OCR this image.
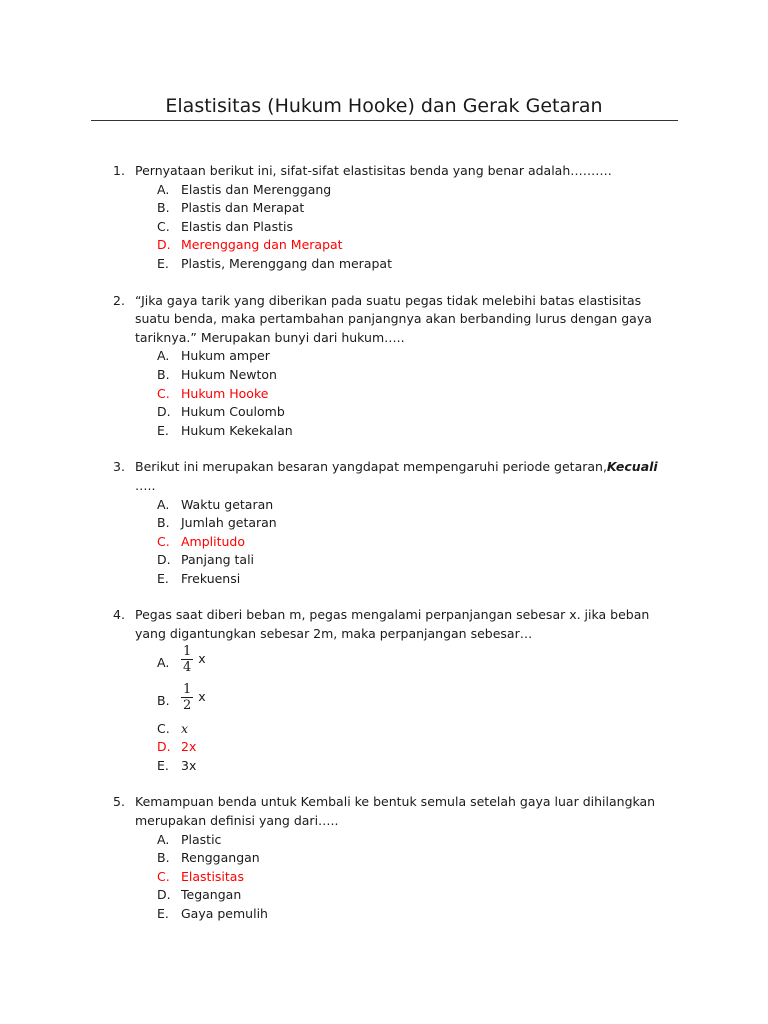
Elastisitas (Hukum Hooke) dan Gerak Getaran
1. Pernyataan berikut ini, sifat-sifat elastisitas benda yang benar adalah……….
A. Elastis dan Merenggang
B. Plastis dan Merapat
C. Elastis dan Plastis
D. Merenggang dan Merapat
E. Plastis, Merenggang dan merapat
2. “Jika gaya tarik yang diberikan pada suatu pegas tidak melebihi batas elastisitas suatu benda, maka pertambahan panjangnya akan berbanding lurus dengan gaya tariknya.” Merupakan bunyi dari hukum…..
A. Hukum amper
B. Hukum Newton
C. Hukum Hooke
D. Hukum Coulomb
E. Hukum Kekekalan
3. Berikut ini merupakan besaran yangdapat mempengaruhi periode getaran,Kecuali …..
A. Waktu getaran
B. Jumlah getaran
C. Amplitudo
D. Panjang tali
E. Frekuensi
4. Pegas saat diberi beban m, pegas mengalami perpanjangan sebesar x. jika beban yang digantungkan sebesar 2m, maka perpanjangan sebesar…
A. $\frac{1}{4}$ x
B. $\frac{1}{2}$ x
C. x
D. 2x
E. 3x
5. Kemampuan benda untuk Kembali ke bentuk semula setelah gaya luar dihilangkan merupakan definisi yang dari…..
A. Plastic
B. Renggangan
C. Elastisitas
D. Tegangan
E. Gaya pemulih
